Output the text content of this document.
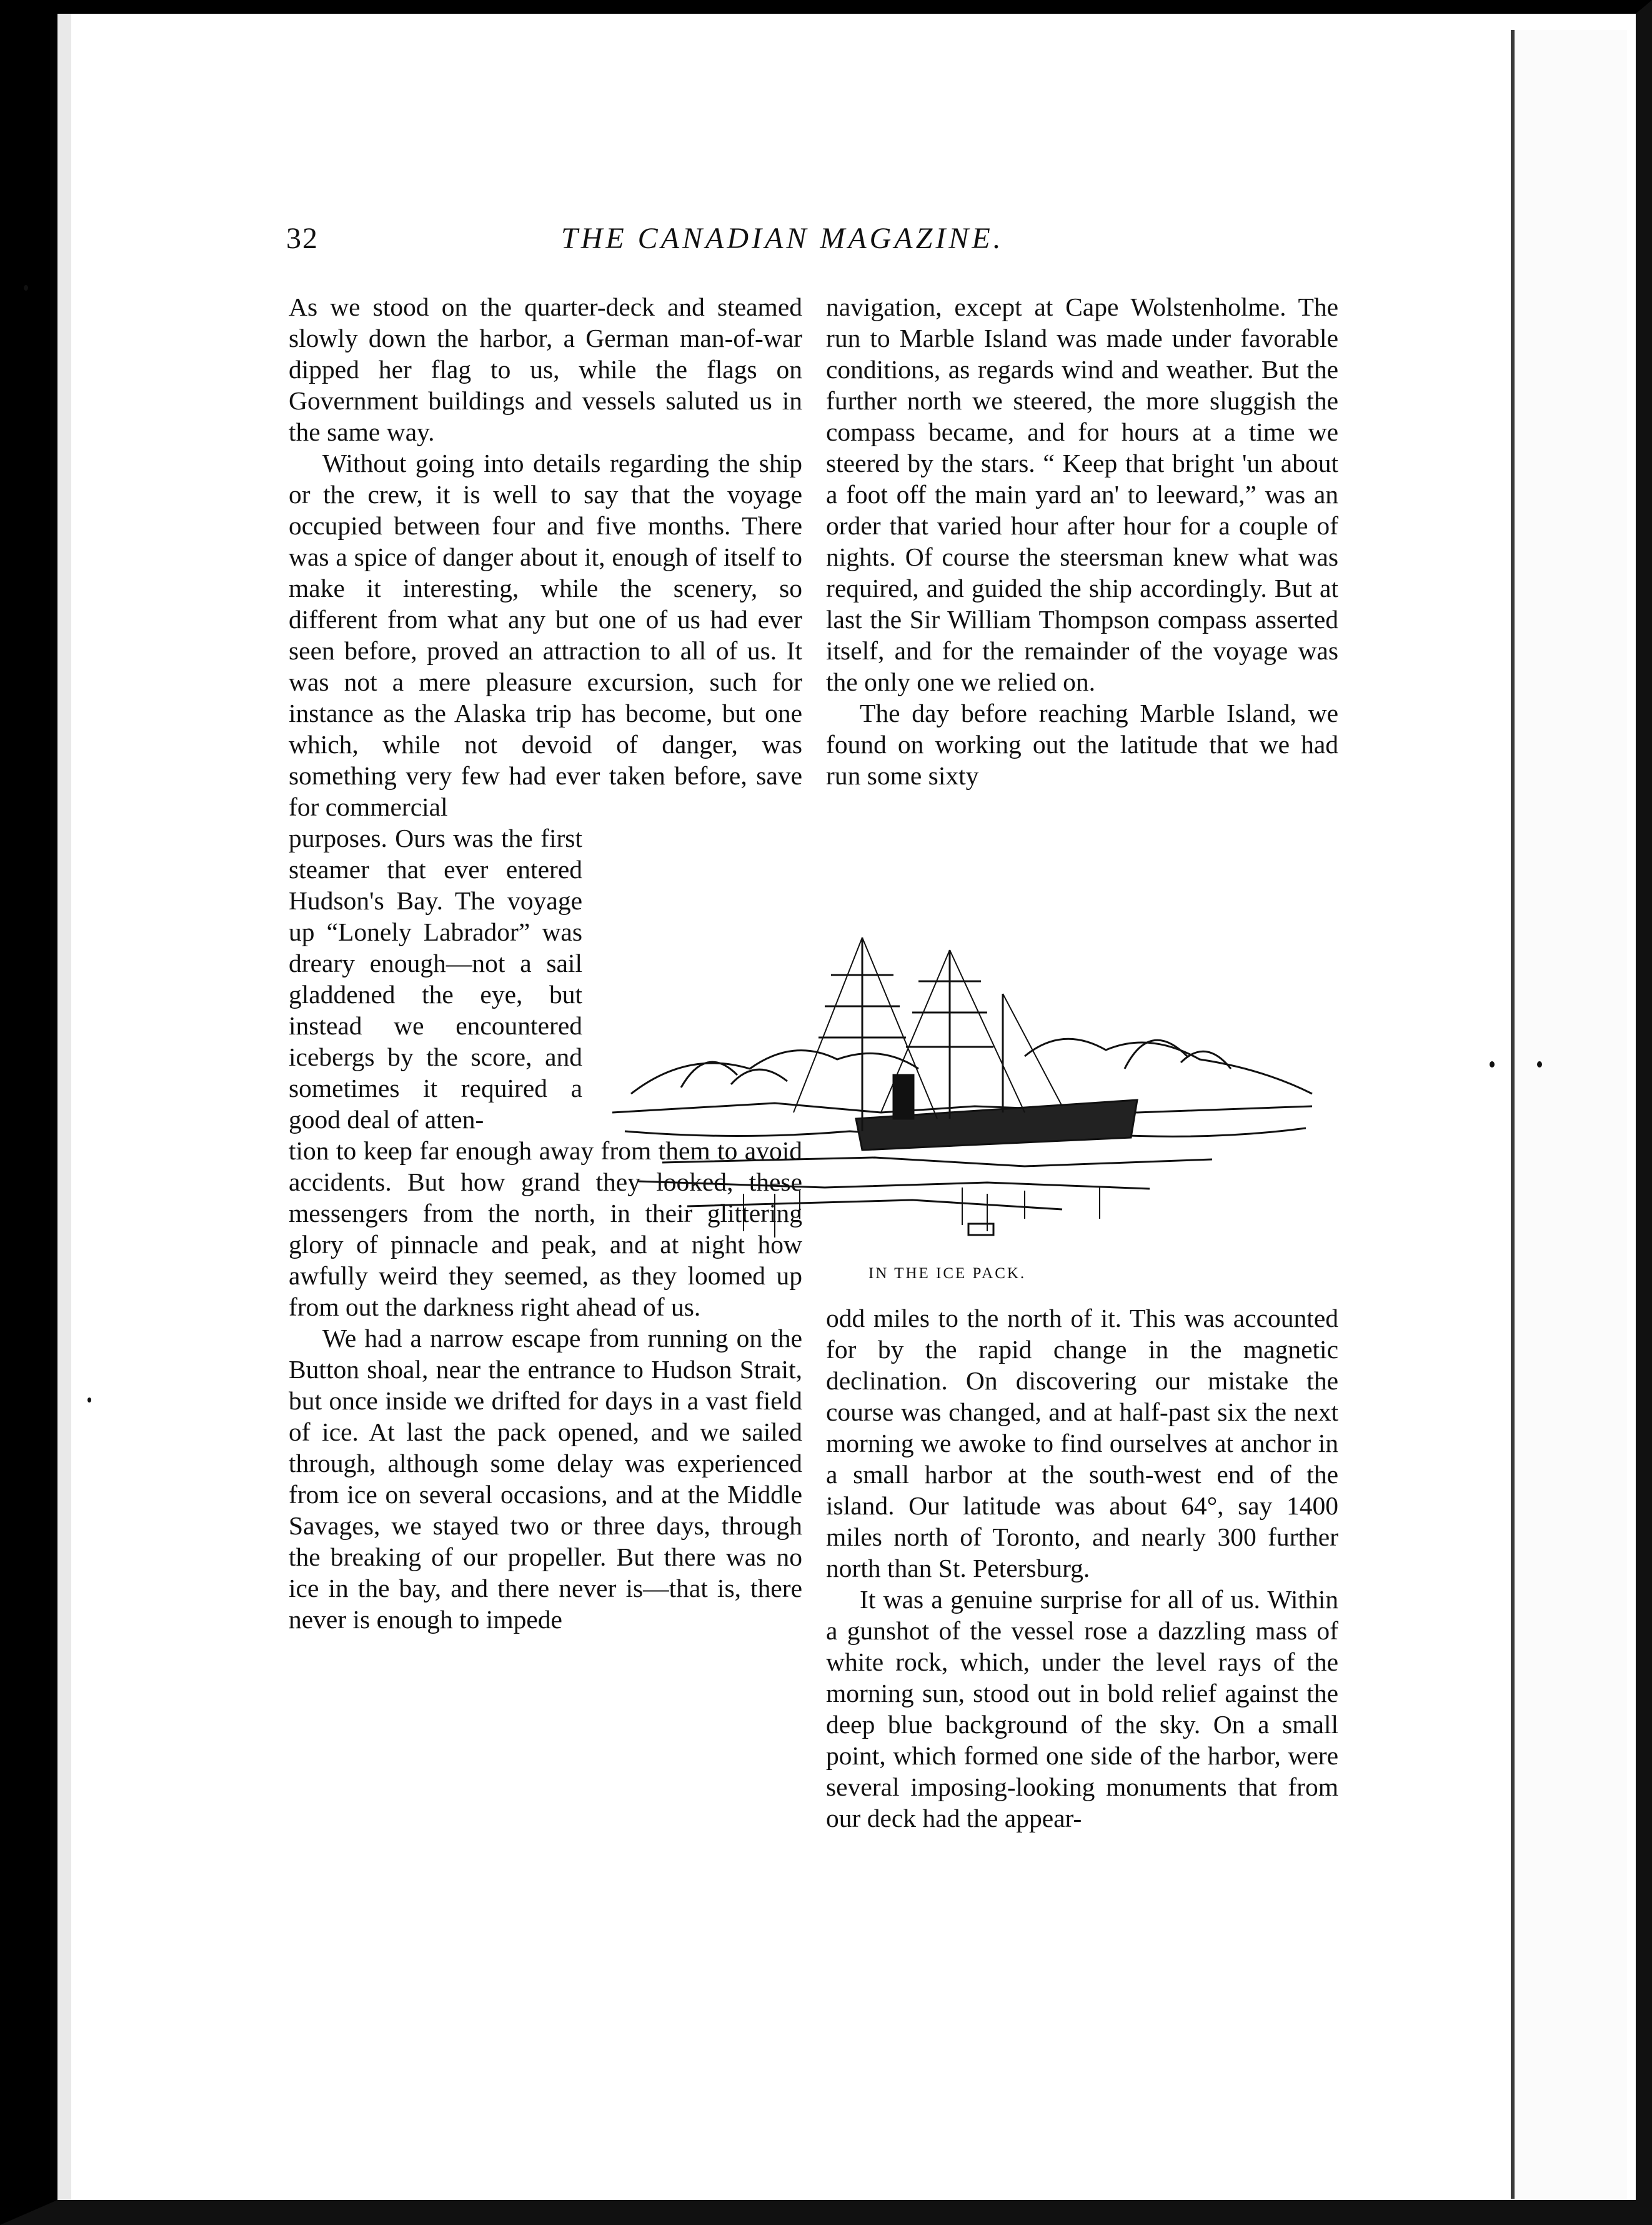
32	THE CANADIAN MAGAZINE.

As we stood on the quarter-deck and steamed slowly down the harbor, a German man-of-war dipped her flag to us, while the flags on Government buildings and vessels saluted us in the same way.

Without going into details regarding the ship or the crew, it is well to say that the voyage occupied between four and five months. There was a spice of danger about it, enough of itself to make it interesting, while the scenery, so different from what any but one of us had ever seen before, proved an attraction to all of us. It was not a mere pleasure excursion, such for instance as the Alaska trip has become, but one which, while not devoid of danger, was something very few had ever taken before, save for commercial

purposes. Ours was the first steamer that ever entered Hudson's Bay. The voyage up “Lonely Labrador” was dreary enough—not a sail gladdened the eye, but instead we encountered icebergs by the score, and sometimes it required a good deal of atten-

tion to keep far enough away from them to avoid accidents. But how grand they looked, these messengers from the north, in their glittering glory of pinnacle and peak, and at night how awfully weird they seemed, as they loomed up from out the darkness right ahead of us.

We had a narrow escape from running on the Button shoal, near the entrance to Hudson Strait, but once inside we drifted for days in a vast field of ice. At last the pack opened, and we sailed through, although some delay was experienced from ice on several occasions, and at the Middle Savages, we stayed two or three days, through the breaking of our propeller. But there was no ice in the bay, and there never is—that is, there never is enough to impede

navigation, except at Cape Wolstenholme. The run to Marble Island was made under favorable conditions, as regards wind and weather. But the further north we steered, the more sluggish the compass became, and for hours at a time we steered by the stars. “ Keep that bright 'un about a foot off the main yard an' to leeward,” was an order that varied hour after hour for a couple of nights. Of course the steersman knew what was required, and guided the ship accordingly. But at last the Sir William Thompson compass asserted itself, and for the remainder of the voyage was the only one we relied on.

The day before reaching Marble Island, we found on working out the latitude that we had run some sixty

IN THE ICE PACK.

odd miles to the north of it. This was accounted for by the rapid change in the magnetic declination. On discovering our mistake the course was changed, and at half-past six the next morning we awoke to find ourselves at anchor in a small harbor at the south-west end of the island. Our latitude was about 64°, say 1400 miles north of Toronto, and nearly 300 further north than St. Petersburg.

It was a genuine surprise for all of us. Within a gunshot of the vessel rose a dazzling mass of white rock, which, under the level rays of the morning sun, stood out in bold relief against the deep blue background of the sky. On a small point, which formed one side of the harbor, were several imposing-looking monuments that from our deck had the appear-
